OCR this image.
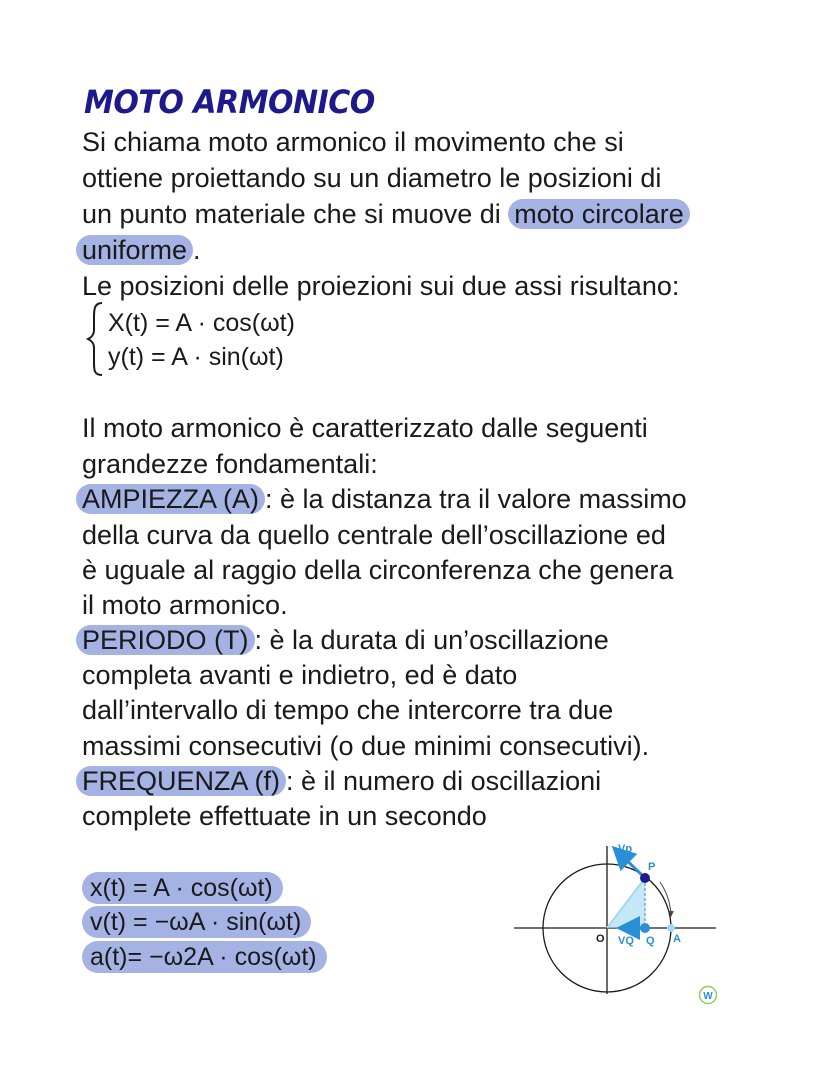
MOTO ARMONICO
Si chiama moto armonico il movimento che si
ottiene proiettando su un diametro le posizioni di
un punto materiale che si muove di moto circolare
uniforme .
Le posizioni delle proiezioni sui due assi risultano:
X(t) = A · cos(ωt)
y(t) = A · sin(ωt)
Il moto armonico è caratterizzato dalle seguenti
grandezze fondamentali:
AMPIEZZA (A) : è la distanza tra il valore massimo
della curva da quello centrale dell’oscillazione ed
è uguale al raggio della circonferenza che genera
il moto armonico.
PERIODO (T) : è la durata di un’oscillazione
completa avanti e indietro, ed è dato
dall’intervallo di tempo che intercorre tra due
massimi consecutivi (o due minimi consecutivi).
FREQUENZA (f) : è il numero di oscillazioni
complete effettuate in un secondo
x(t) = A · cos(ωt)
v(t) = −ωA · sin(ωt)
a(t)= −ω2A · cos(ωt)
Vp
P
O VQ Q A
W
